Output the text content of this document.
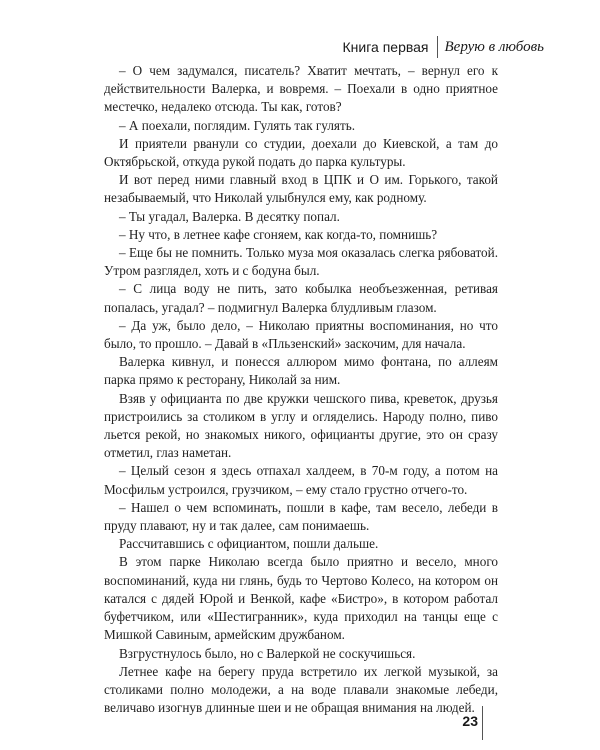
Книга первая Верую в любовь

– О чем задумался, писатель? Хватит мечтать, – вернул его к действительности Валерка, и вовремя. – Поехали в одно приятное местечко, недалеко отсюда. Ты как, готов?

– А поехали, поглядим. Гулять так гулять.

И приятели рванули со студии, доехали до Киевской, а там до Октябрьской, откуда рукой подать до парка культуры.

И вот перед ними главный вход в ЦПК и О им. Горького, такой незабываемый, что Николай улыбнулся ему, как родному.

– Ты угадал, Валерка. В десятку попал.

– Ну что, в летнее кафе сгоняем, как когда-то, помнишь?

– Еще бы не помнить. Только муза моя оказалась слегка рябоватой. Утром разглядел, хоть и с бодуна был.

– С лица воду не пить, зато кобылка необъезженная, ретивая попалась, угадал? – подмигнул Валерка блудливым глазом.

– Да уж, было дело, – Николаю приятны воспоминания, но что было, то прошло. – Давай в «Пльзенский» заскочим, для начала.

Валерка кивнул, и понесся аллюром мимо фонтана, по аллеям парка прямо к ресторану, Николай за ним.

Взяв у официанта по две кружки чешского пива, креветок, друзья пристроились за столиком в углу и огляделись. Народу полно, пиво льется рекой, но знакомых никого, официанты другие, это он сразу отметил, глаз наметан.

– Целый сезон я здесь отпахал халдеем, в 70-м году, а потом на Мосфильм устроился, грузчиком, – ему стало грустно отчего-то.

– Нашел о чем вспоминать, пошли в кафе, там весело, лебеди в пруду плавают, ну и так далее, сам понимаешь.

Рассчитавшись с официантом, пошли дальше.

В этом парке Николаю всегда было приятно и весело, много воспоминаний, куда ни глянь, будь то Чертово Колесо, на котором он катался с дядей Юрой и Венкой, кафе «Бистро», в котором работал буфетчиком, или «Шестигранник», куда приходил на танцы еще с Мишкой Савиным, армейским дружбаном.

Взгрустнулось было, но с Валеркой не соскучишься.

Летнее кафе на берегу пруда встретило их легкой музыкой, за столиками полно молодежи, а на воде плавали знакомые лебеди, величаво изогнув длинные шеи и не обращая внимания на людей.

23
